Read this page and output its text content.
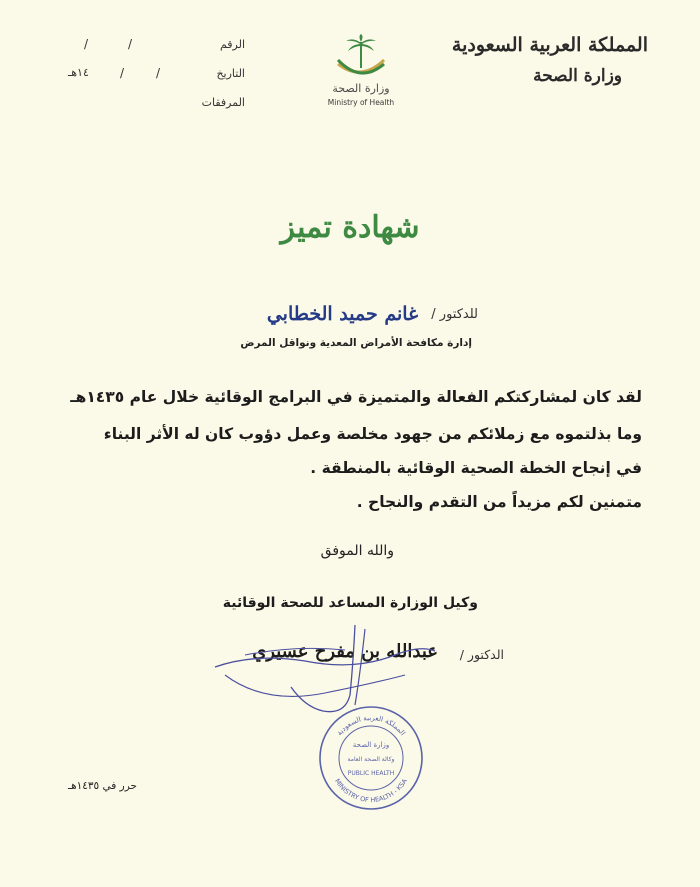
المملكة العربية السعودية
وزارة الصحة
الرقم
التاريخ
المرفقات
/	/
/	/
١٤هـ
وزارة الصحة
Ministry of Health
شهادة تميز
للدكتور /
غانم حميد الخطابي
إدارة مكافحة الأمراض المعدية ونواقل المرض
لقد كان لمشاركتكم الفعالة والمتميزة في البرامج الوقائية خلال عام ١٤٣٥هـ
وما بذلتموه مع زملائكم من جهود مخلصة وعمل دؤوب كان له الأثر البناء
في إنجاح الخطة الصحية الوقائية بالمنطقة .
متمنين لكم مزيداً من التقدم والنجاح .
والله الموفق
وكيل الوزارة المساعد للصحة الوقائية
الدكتور /
عبدالله بن مفرح عسيري
المملكة العربية السعودية
MINISTRY OF HEALTH - KSA
وزارة الصحة
وكالة الصحة العامة
PUBLIC HEALTH
حرر في ١٤٣٥هـ
